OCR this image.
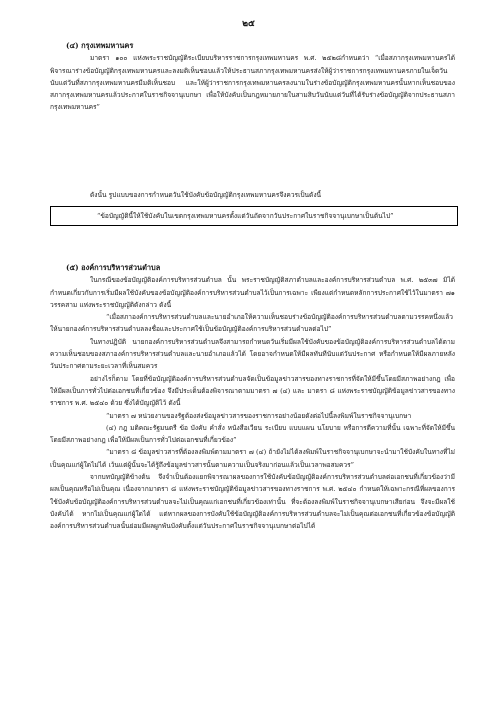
๒๕

(๔) กรุงเทพมหานคร

มาตรา ๑๐๐ แห่งพระราชบัญญัติระเบียบบริหารราชการกรุงเทพมหานคร พ.ศ. ๒๕๒๘กำหนดว่า “เมื่อสภากรุงเทพมหานครได้พิจารณาร่างข้อบัญญัติกรุงเทพมหานครและลงมติเห็นชอบแล้วให้ประธานสภากรุงเทพมหานครส่งให้ผู้ว่าราชการกรุงเทพมหานครภายในเจ็ดวันนับแต่วันที่สภากรุงเทพมหานครมีมติเห็นชอบ และให้ผู้ว่าราชการกรุงเทพมหานครลงนามในร่างข้อบัญญัติกรุงเทพมหานครนั้นหากเห็นชอบของสภากรุงเทพมหานครแล้วประกาศในราชกิจจานุเบกษา เพื่อให้บังคับเป็นกฎหมายภายในสามสิบวันนับแต่วันที่ได้รับร่างข้อบัญญัติจากประธานสภากรุงเทพมหานคร”

ดังนั้น รูปแบบของการกำหนดวันใช้บังคับข้อบัญญัติกรุงเทพมหานครจึงควรเป็นดังนี้

“ข้อบัญญัตินี้ให้ใช้บังคับในเขตกรุงเทพมหานครตั้งแต่วันถัดจากวันประกาศในราชกิจจานุเบกษาเป็นต้นไป”

(๕) องค์การบริหารส่วนตำบล

ในกรณีของข้อบัญญัติองค์การบริหารส่วนตำบล นั้น พระราชบัญญัติสภาตำบลและองค์การบริหารส่วนตำบล พ.ศ. ๒๕๓๗ มิได้กำหนดเกี่ยวกับการเริ่มมีผลใช้บังคับของข้อบัญญัติองค์การบริหารส่วนตำบลไว้เป็นการเฉพาะ เพียงแต่กำหนดหลักการประกาศใช้ไว้ในมาตรา ๗๑ วรรคสาม แห่งพระราชบัญญัติดังกล่าว ดังนี้

“เมื่อสภาองค์การบริหารส่วนตำบลและนายอำเภอให้ความเห็นชอบร่างข้อบัญญัติองค์การบริหารส่วนตำบลตามวรรคหนึ่งแล้ว ให้นายกองค์การบริหารส่วนตำบลลงชื่อและประกาศใช้เป็นข้อบัญญัติองค์การบริหารส่วนตำบลต่อไป”

ในทางปฏิบัติ นายกองค์การบริหารส่วนตำบลจึงสามารถกำหนดวันเริ่มมีผลใช้บังคับของข้อบัญญัติองค์การบริหารส่วนตำบลได้ตามความเห็นชอบของสภาองค์การบริหารส่วนตำบลและนายอำเภอแล้วได้ โดยอาจกำหนดให้มีผลทันทีนับแต่วันประกาศ หรือกำหนดให้มีผลภายหลังวันประกาศตามระยะเวลาที่เห็นสมควร

อย่างไรก็ตาม โดยที่ข้อบัญญัติองค์การบริหารส่วนตำบลจัดเป็นข้อมูลข่าวสารของทางราชการที่จัดให้มีขึ้นโดยมีสภาพอย่างกฎ เพื่อให้มีผลเป็นการทั่วไปต่อเอกชนที่เกี่ยวข้อง จึงมีประเด็นต้องพิจารณาตามมาตรา ๗ (๔) และ มาตรา ๘ แห่งพระราชบัญญัติข้อมูลข่าวสารของทางราชการ พ.ศ. ๒๕๔๐ ด้วย ซึ่งได้บัญญัติไว้ ดังนี้

“มาตรา ๗ หน่วยงานของรัฐต้องส่งข้อมูลข่าวสารของราชการอย่างน้อยดังต่อไปนี้ลงพิมพ์ในราชกิจจานุเบกษา

(๔) กฎ มติคณะรัฐมนตรี ข้อ บังคับ คำสั่ง หนังสือเวียน ระเบียบ แบบแผน นโยบาย หรือการตีความที่นั้น เฉพาะที่จัดให้มีขึ้นโดยมีสภาพอย่างกฎ เพื่อให้มีผลเป็นการทั่วไปต่อเอกชนที่เกี่ยวข้อง”

“มาตรา ๘ ข้อมูลข่าวสารที่ต้องลงพิมพ์ตามมาตรา ๗ (๔) ถ้ายังไม่ได้ลงพิมพ์ในราชกิจจานุเบกษาจะนำมาใช้บังคับในทางที่ไม่เป็นคุณแก่ผู้ใดไม่ได้ เว้นแต่ผู้นั้นจะได้รู้ถึงข้อมูลข่าวสารนั้นตามความเป็นจริงมาก่อนแล้วเป็นเวลาพอสมควร”

จากบทบัญญัติข้างต้น จึงจำเป็นต้องแยกพิจารณาผลของการใช้บังคับข้อบัญญัติองค์การบริหารส่วนตำบลต่อเอกชนที่เกี่ยวข้องว่ามีผลเป็นคุณหรือไม่เป็นคุณ เนื่องจากมาตรา ๘ แห่งพระราชบัญญัติข้อมูลข่าวสารของทางราชการ พ.ศ. ๒๕๔๐ กำหนดให้เฉพาะกรณีที่ผลของการใช้บังคับข้อบัญญัติองค์การบริหารส่วนตำบลจะไม่เป็นคุณแก่เอกชนที่เกี่ยวข้องเท่านั้น ที่จะต้องลงพิมพ์ในราชกิจจานุเบกษาเสียก่อน จึงจะมีผลใช้บังคับได้ หากไม่เป็นคุณแก่ผู้ใดได้ แต่หากผลของการบังคับใช้ข้อบัญญัติองค์การบริหารส่วนตำบลจะไม่เป็นคุณต่อเอกชนที่เกี่ยวข้องข้อบัญญัติองค์การบริหารส่วนตำบลนั้นย่อมมีผลผูกพันบังคับตั้งแต่วันประกาศในราชกิจจานุเบกษาต่อไปได้
